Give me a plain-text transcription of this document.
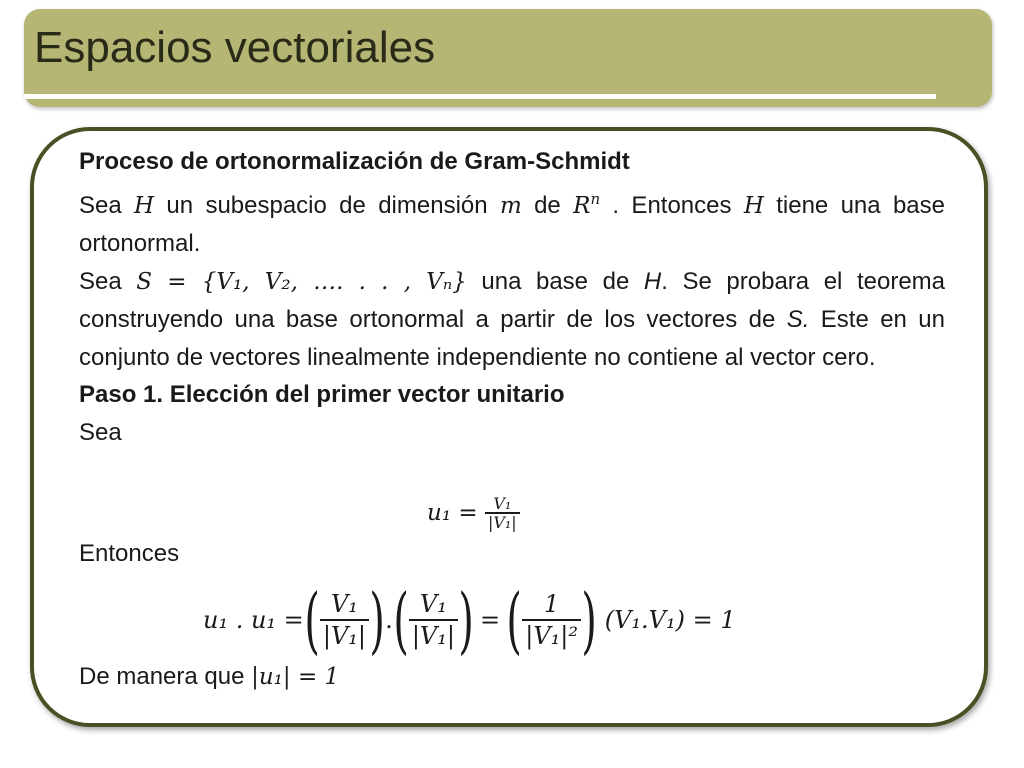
Espacios vectoriales

Proceso de ortonormalización de Gram-Schmidt

Sea H un subespacio de dimensión m de $R^n$ . Entonces H tiene una base ortonormal.

Sea S = {V₁, V₂, …. . . , Vₙ} una base de H. Se probara el teorema construyendo una base ortonormal a partir de los vectores de S. Este en un conjunto de vectores linealmente independiente no contiene al vector cero.

Paso 1. Elección del primer vector unitario

Sea

u₁ =
$\frac{\text{V₁}}{\text{|V₁|}}$
Entonces
u₁ . u₁ = ( $\frac{\text{V₁}}{\text{|V₁|}}$ ) . ( $\frac{\text{V₁}}{\text{|V₁|}}$ ) = ( $\frac{1}{\text{|V₁|²}}$ )
(V₁.V₁) = 1
De manera que |u₁| = 1
